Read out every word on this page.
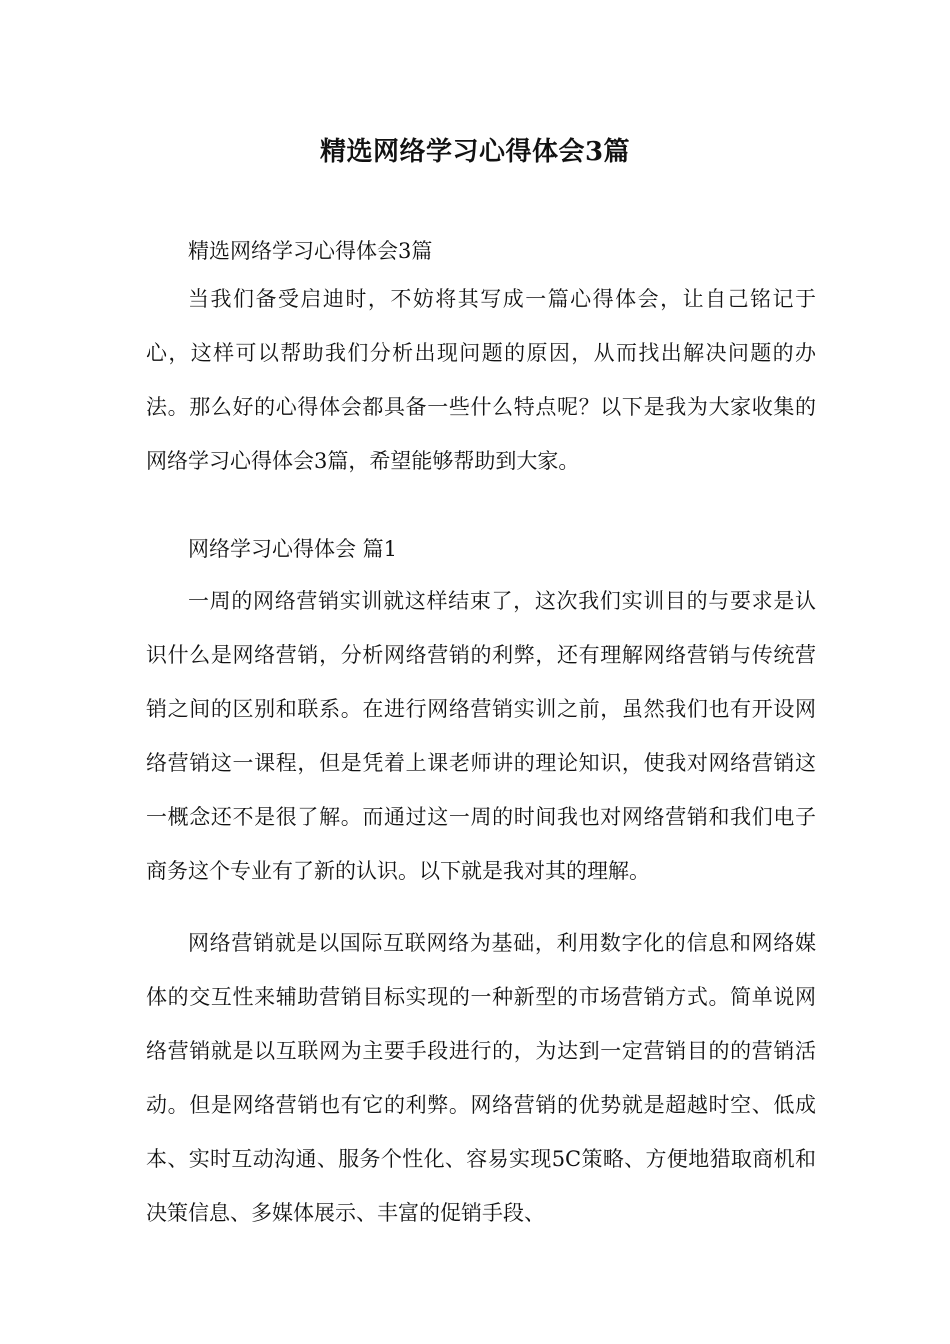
精选网络学习心得体会3篇

精选网络学习心得体会3篇

当我们备受启迪时，不妨将其写成一篇心得体会，让自己铭记于心，这样可以帮助我们分析出现问题的原因，从而找出解决问题的办法。那么好的心得体会都具备一些什么特点呢？以下是我为大家收集的网络学习心得体会3篇，希望能够帮助到大家。

网络学习心得体会 篇1

一周的网络营销实训就这样结束了，这次我们实训目的与要求是认识什么是网络营销，分析网络营销的利弊，还有理解网络营销与传统营销之间的区别和联系。在进行网络营销实训之前，虽然我们也有开设网络营销这一课程，但是凭着上课老师讲的理论知识，使我对网络营销这一概念还不是很了解。而通过这一周的时间我也对网络营销和我们电子商务这个专业有了新的认识。以下就是我对其的理解。

网络营销就是以国际互联网络为基础，利用数字化的信息和网络媒体的交互性来辅助营销目标实现的一种新型的市场营销方式。简单说网络营销就是以互联网为主要手段进行的，为达到一定营销目的的营销活动。但是网络营销也有它的利弊。网络营销的优势就是超越时空、低成本、实时互动沟通、服务个性化、容易实现5C策略、方便地猎取商机和决策信息、多媒体展示、丰富的促销手段、
